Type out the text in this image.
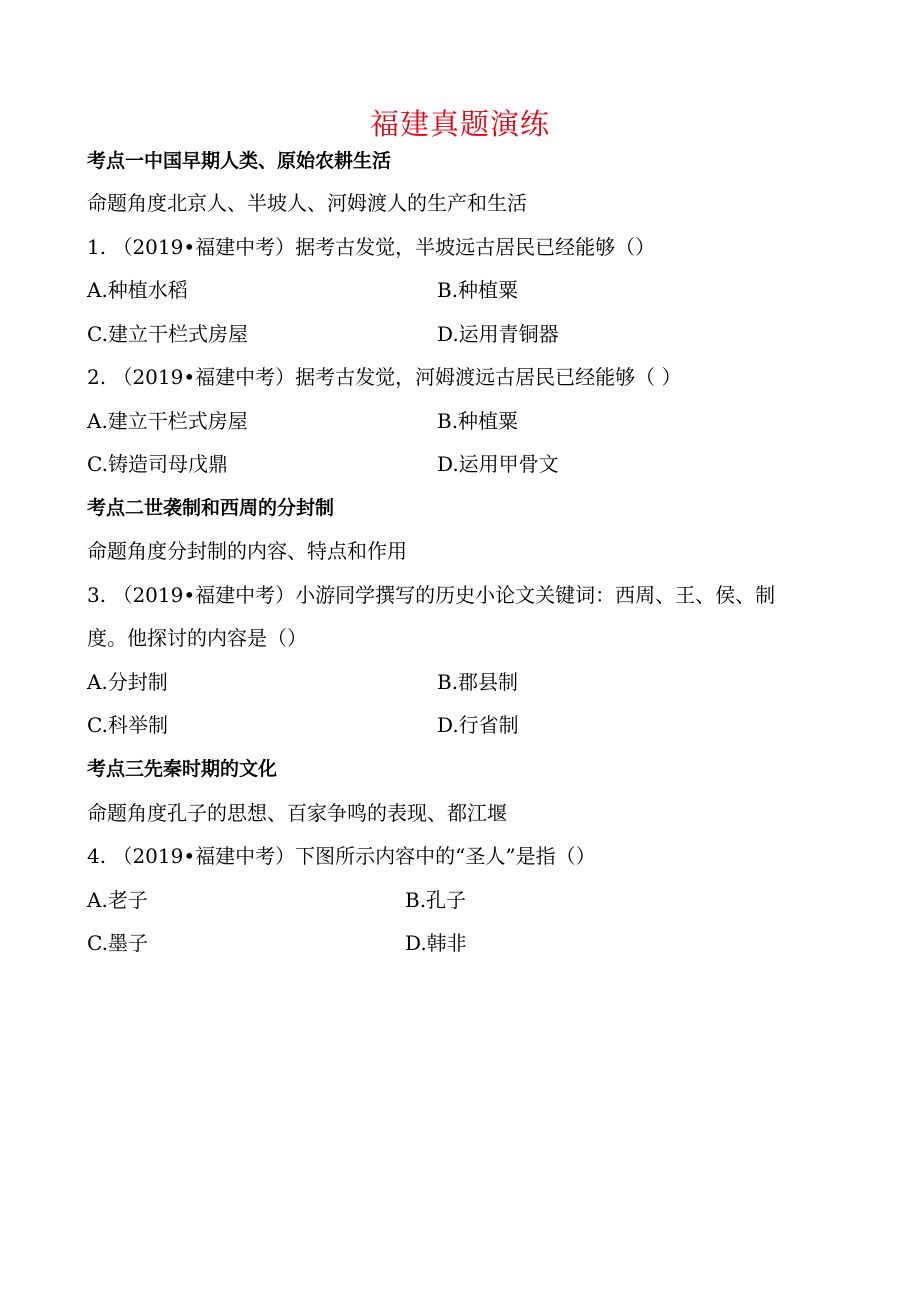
福建真题演练
考点一中国早期人类、原始农耕生活
命题角度北京人、半坡人、河姆渡人的生产和生活
1. （2019•福建中考）据考古发觉，半坡远古居民已经能够（）
A.种植水稻	B.种植粟
C.建立干栏式房屋	D.运用青铜器
2. （2019•福建中考）据考古发觉，河姆渡远古居民已经能够（ ）
A.建立干栏式房屋	B.种植粟
C.铸造司母戊鼎	D.运用甲骨文
考点二世袭制和西周的分封制
命题角度分封制的内容、特点和作用
3. （2019•福建中考）小游同学撰写的历史小论文关键词：西周、王、侯、制
度。他探讨的内容是（）
A.分封制	B.郡县制
C.科举制	D.行省制
考点三先秦时期的文化
命题角度孔子的思想、百家争鸣的表现、都江堰
4. （2019•福建中考）下图所示内容中的“圣人”是指（）
A.老子	B.孔子
C.墨子	D.韩非
